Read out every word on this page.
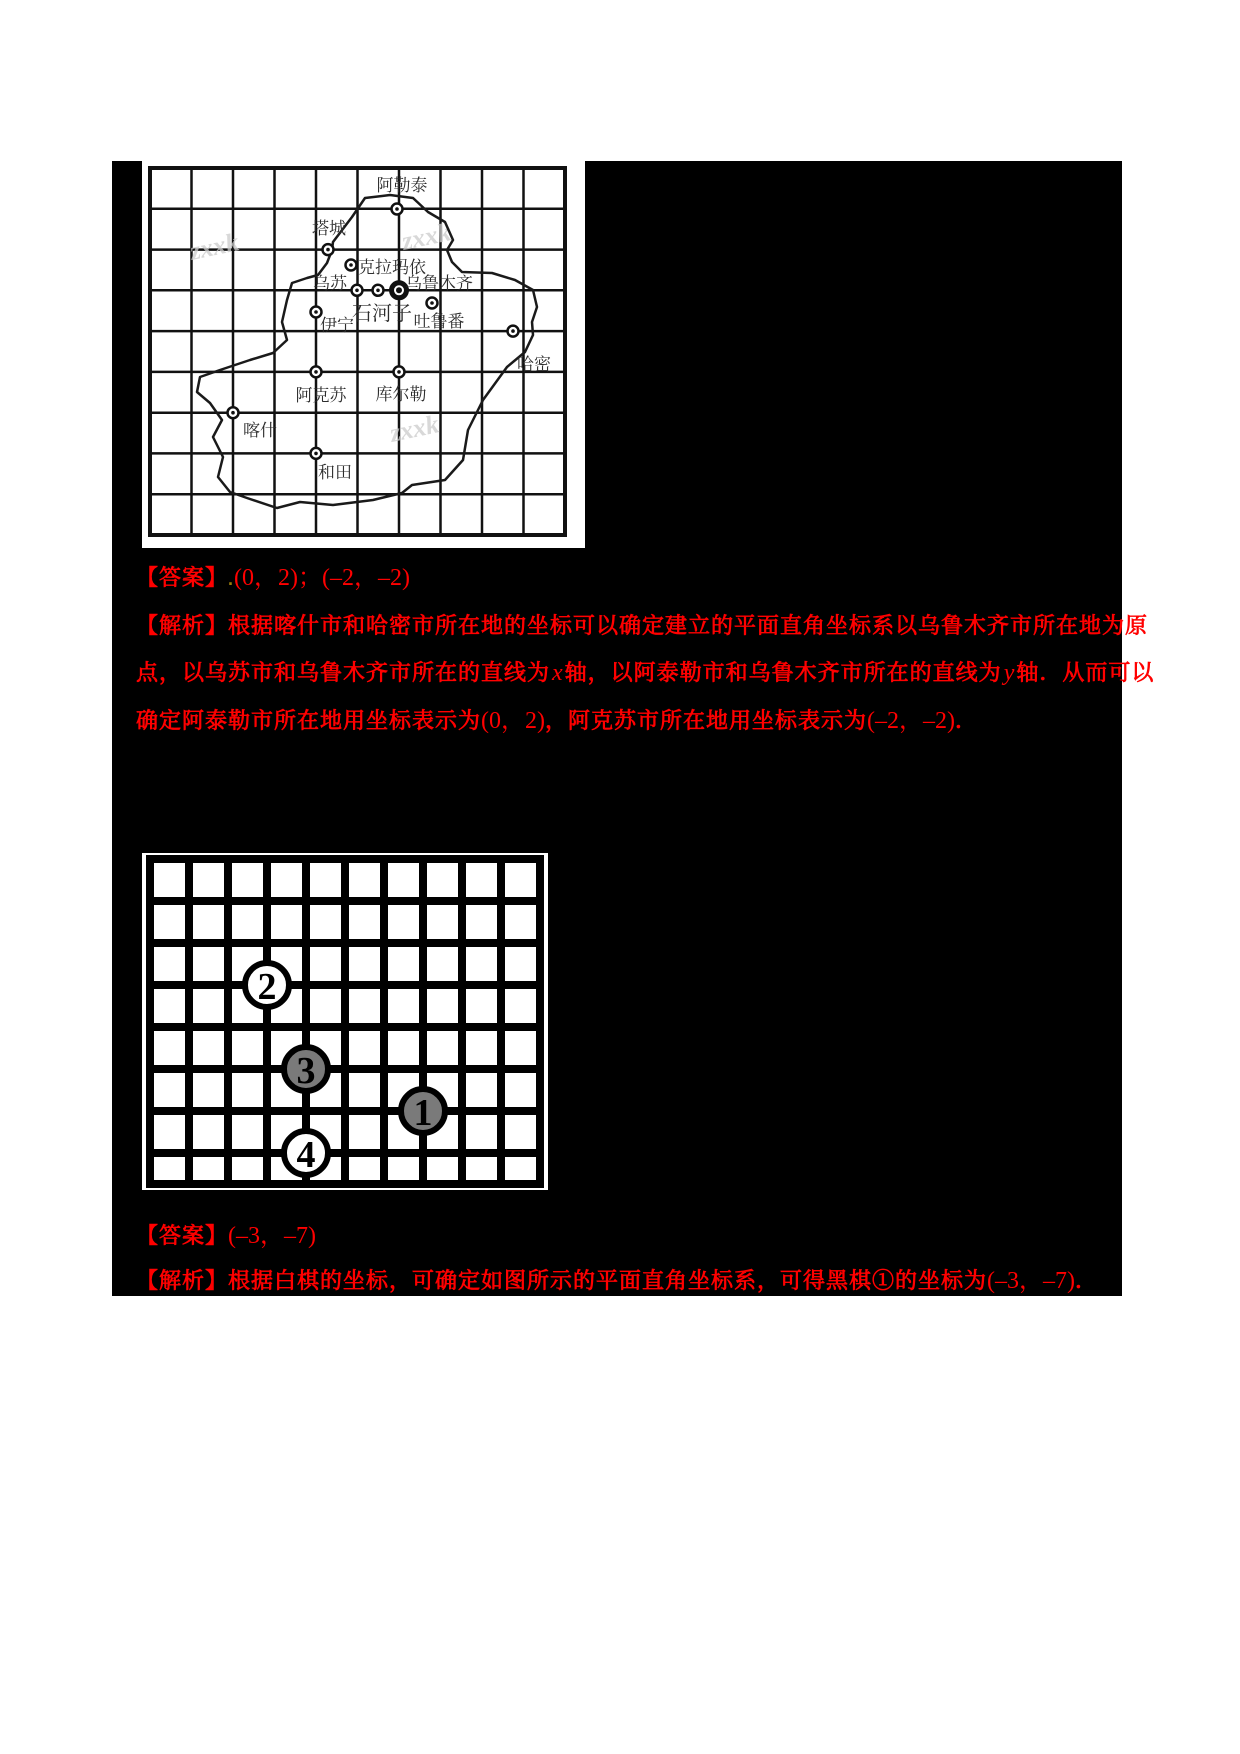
zxxk	zxxk
zxxk
阿勒泰
塔城
克拉玛依
乌苏	乌鲁木齐
石河子
伊宁	吐鲁番
哈密
阿克苏 库尔勒
喀什
和田
【答案】.(0，2)；(–2，–2)
【解析】根据喀什市和哈密市所在地的坐标可以确定建立的平面直角坐标系以乌鲁木齐市所在地为原
点，以乌苏市和乌鲁木齐市所在的直线为x轴，以阿泰勒市和乌鲁木齐市所在的直线为y轴．从而可以
确定阿泰勒市所在地用坐标表示为(0，2)，阿克苏市所在地用坐标表示为(–2，–2)．
2
3
4
1
【答案】(–3，–7)
【解析】根据白棋的坐标，可确定如图所示的平面直角坐标系，可得黑棋①的坐标为(–3，–7)．
